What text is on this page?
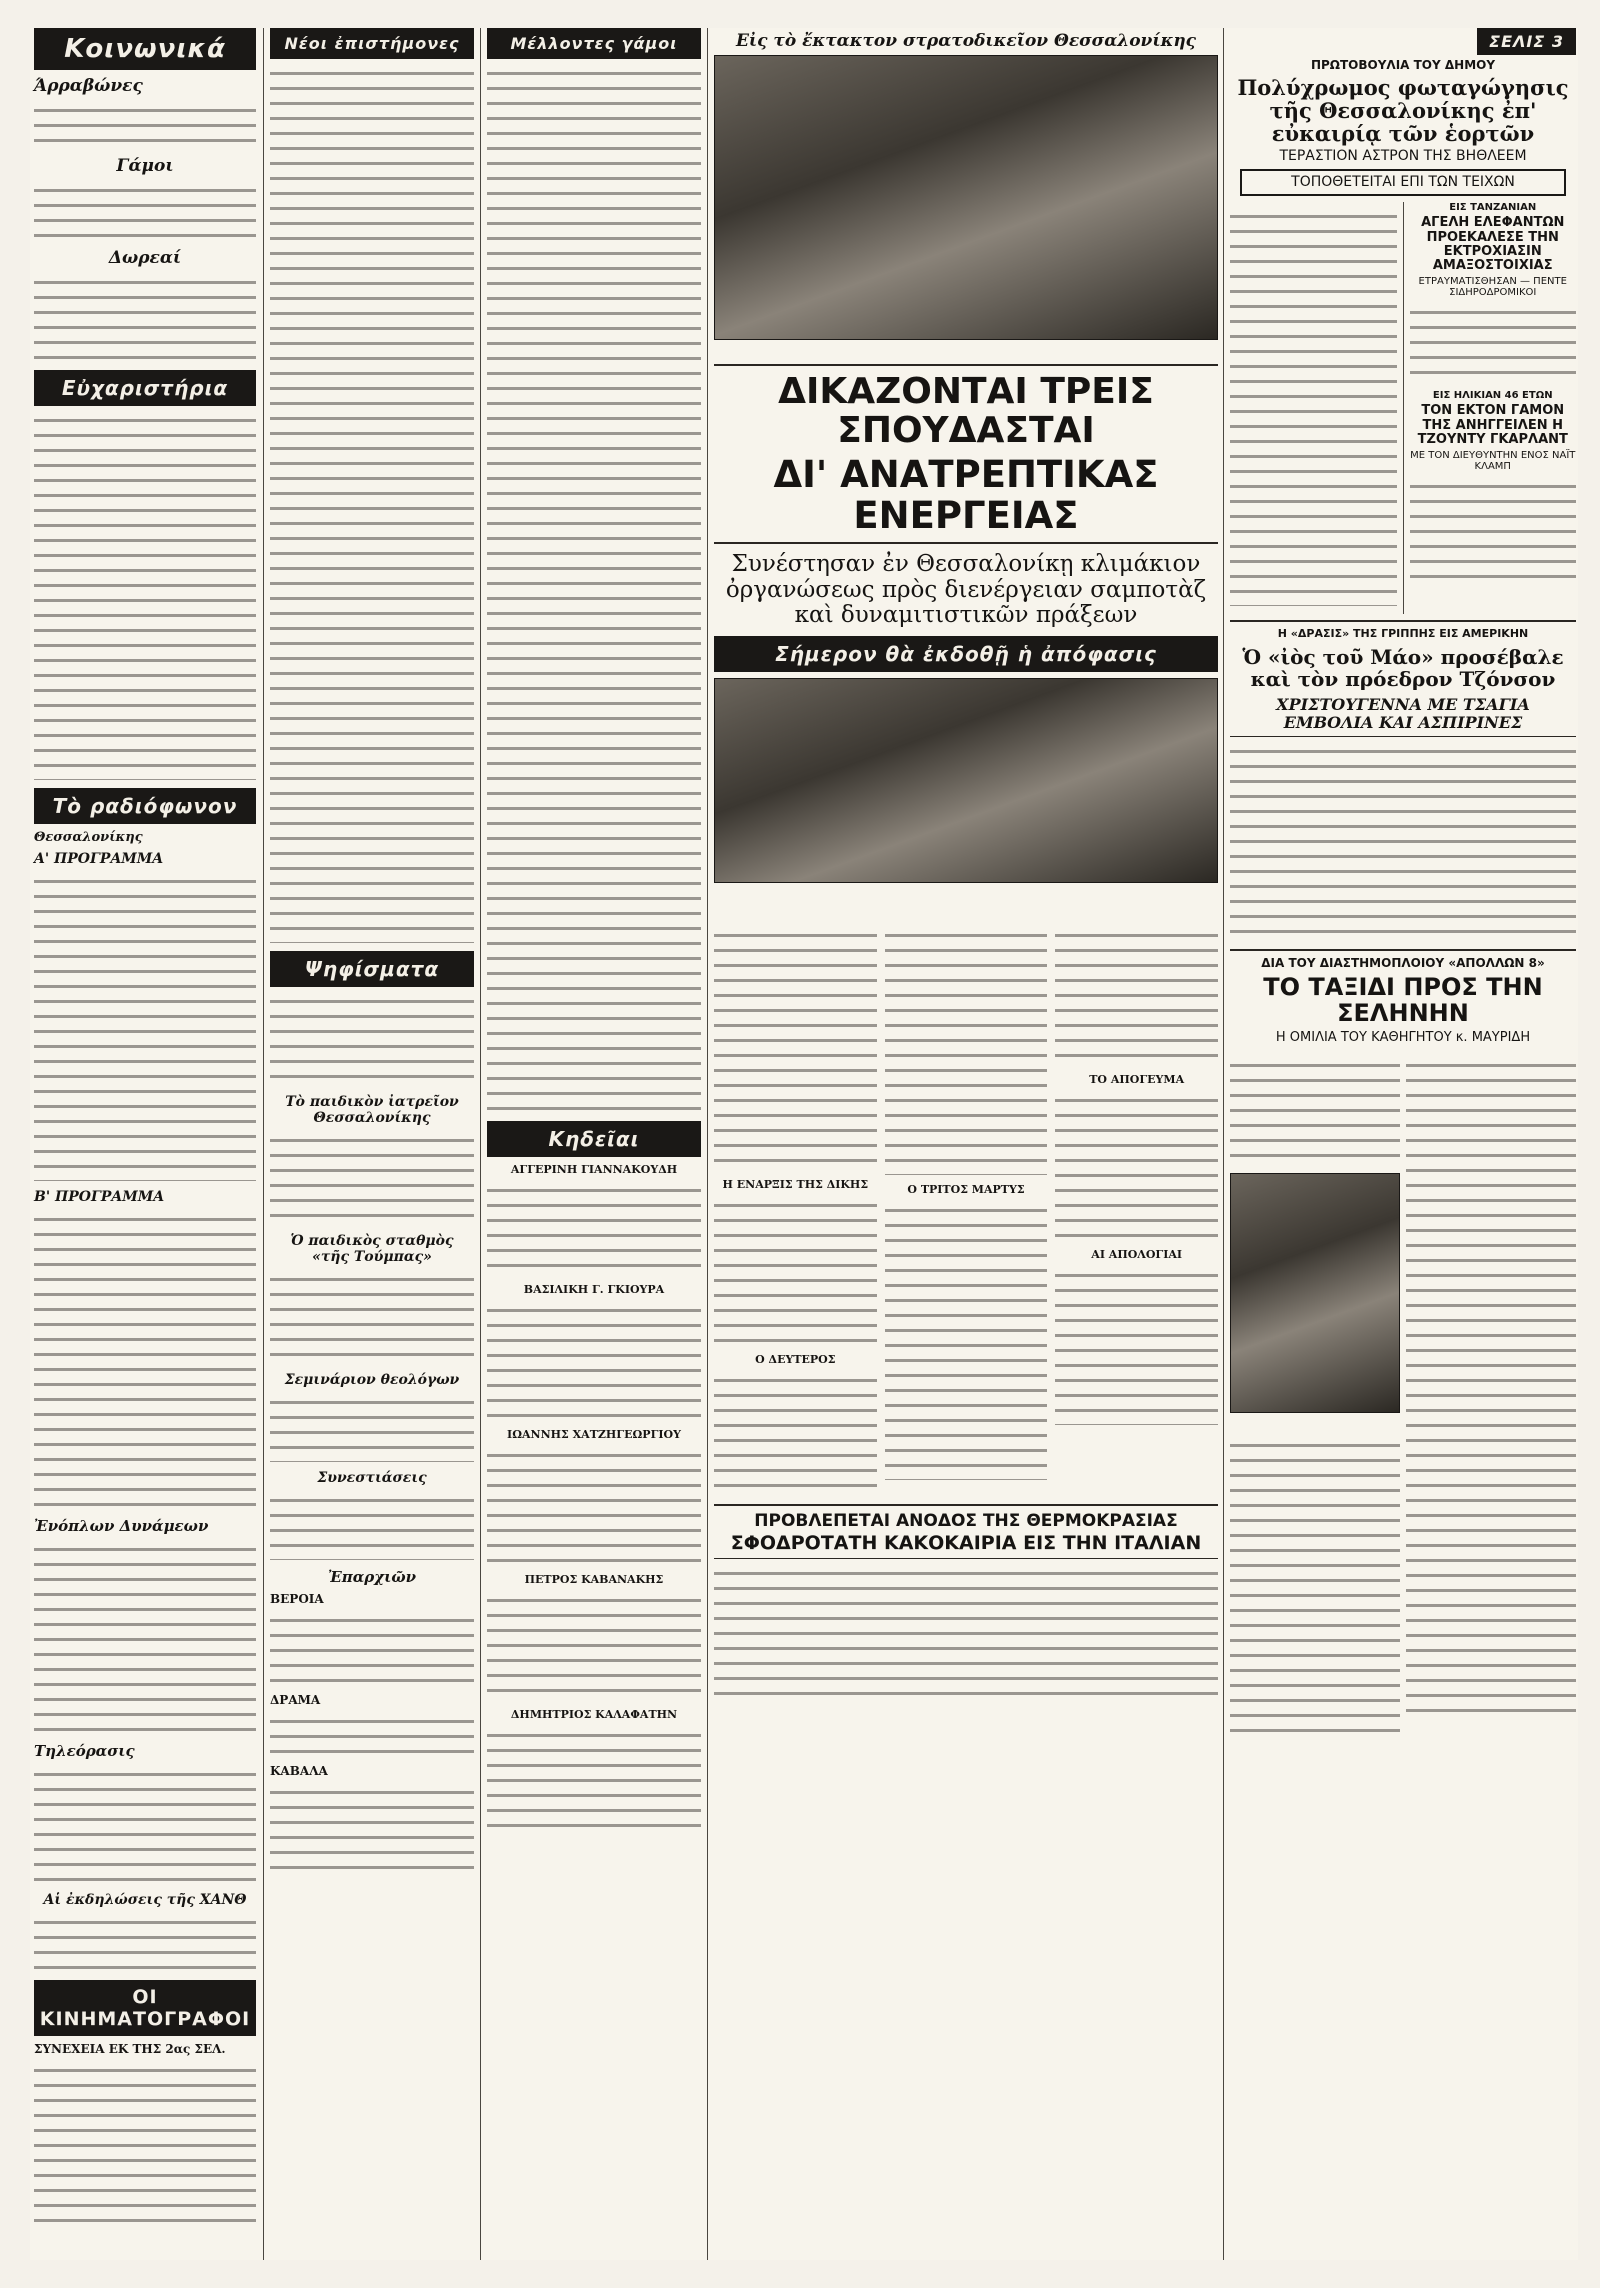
Κοινωνικά
Άρραβώνες
Γάμοι
Δωρεαί
Εὐχαριστήρια
Τὸ ραδιόφωνον
Θεσσαλονίκης
Α' ΠΡΟΓΡΑΜΜΑ
Β' ΠΡΟΓΡΑΜΜΑ
Ἐνόπλων Δυνάμεων
Τηλεόρασις
Αἱ ἐκδηλώσεις τῆς ΧΑΝΘ
ΟΙ ΚΙΝΗΜΑΤΟΓΡΑΦΟΙ
ΣΥΝΕΧΕΙΑ ΕΚ ΤΗΣ 2ας ΣΕΛ.
Νέοι ἐπιστήμονες
Ψηφίσματα
Τὸ παιδικὸν ἰατρεῖον Θεσσαλονίκης
Ὁ παιδικὸς σταθμὸς «τῆς Τούμπας»
Σεμινάριον θεολόγων
Συνεστιάσεις
Ἐπαρχιῶν
ΒΕΡΟΙΑ
ΔΡΑΜΑ
ΚΑΒΑΛΑ
Μέλλοντες γάμοι
Κηδεῖαι
ΑΓΓΕΡΙΝΗ ΓΙΑΝΝΑΚΟΥΔΗ
ΒΑΣΙΛΙΚΗ Γ. ΓΚΙΟΥΡΑ
ΙΩΑΝΝΗΣ ΧΑΤΖΗΓΕΩΡΓΙΟΥ
ΠΕΤΡΟΣ ΚΑΒΑΝΑΚΗΣ
ΔΗΜΗΤΡΙΟΣ ΚΑΛΑΦΑΤΗΝ
Εἰς τὸ ἔκτακτον στρατοδικεῖον Θεσσαλονίκης
ΔΙΚΑΖΟΝΤΑΙ ΤΡΕΙΣ ΣΠΟΥΔΑΣΤΑΙ
ΔΙ' ΑΝΑΤΡΕΠΤΙΚΑΣ ΕΝΕΡΓΕΙΑΣ
Συνέστησαν ἐν Θεσσαλονίκῃ κλιμάκιον ὀργανώσεως πρὸς διενέργειαν σαμποτὰζ καὶ δυναμιτιστικῶν πράξεων
Σήμερον θὰ ἐκδοθῇ ἡ ἀπόφασις
Η ΕΝΑΡΞΙΣ ΤΗΣ ΔΙΚΗΣ
Ο ΔΕΥΤΕΡΟΣ
Ο ΤΡΙΤΟΣ ΜΑΡΤΥΣ
ΤΟ ΑΠΟΓΕΥΜΑ
ΑΙ ΑΠΟΛΟΓΙΑΙ
ΠΡΟΒΛΕΠΕΤΑΙ ΑΝΟΔΟΣ ΤΗΣ ΘΕΡΜΟΚΡΑΣΙΑΣ
ΣΦΟΔΡΟΤΑΤΗ ΚΑΚΟΚΑΙΡΙΑ ΕΙΣ ΤΗΝ ΙΤΑΛΙΑΝ
ΣΕΛΙΣ 3
ΠΡΩΤΟΒΟΥΛΙΑ ΤΟΥ ΔΗΜΟΥ
Πολύχρωμος φωταγώγησις τῆς Θεσσαλονίκης ἐπ' εὐκαιρίᾳ τῶν ἑορτῶν
ΤΕΡΑΣΤΙΟΝ ΑΣΤΡΟΝ ΤΗΣ ΒΗΘΛΕΕΜ
ΤΟΠΟΘΕΤΕΙΤΑΙ ΕΠΙ ΤΩΝ ΤΕΙΧΩΝ
ΕΙΣ ΤΑΝΖΑΝΙΑΝ
ΑΓΕΛΗ ΕΛΕΦΑΝΤΩΝ ΠΡΟΕΚΑΛΕΣΕ ΤΗΝ ΕΚΤΡΟΧΙΑΣΙΝ ΑΜΑΞΟΣΤΟΙΧΙΑΣ
ΕΤΡΑΥΜΑΤΙΣΘΗΣΑΝ — ΠΕΝΤΕ ΣΙΔΗΡΟΔΡΟΜΙΚΟΙ
ΕΙΣ ΗΛΙΚΙΑΝ 46 ΕΤΩΝ
ΤΟΝ ΕΚΤΟΝ ΓΑΜΟΝ ΤΗΣ ΑΝΗΓΓΕΙΛΕΝ Η ΤΖΟΥΝΤΥ ΓΚΑΡΛΑΝΤ
ΜΕ ΤΟΝ ΔΙΕΥΘΥΝΤΗΝ ΕΝΟΣ ΝΑΪΤ ΚΛΑΜΠ
Η «ΔΡΑΣΙΣ» ΤΗΣ ΓΡΙΠΠΗΣ ΕΙΣ ΑΜΕΡΙΚΗΝ
Ὁ «ἰὸς τοῦ Μάο» προσέβαλε καὶ τὸν πρόεδρον Τζόνσον
ΧΡΙΣΤΟΥΓΕΝΝΑ ΜΕ ΤΣΑΓΙΑ
ΕΜΒΟΛΙΑ ΚΑΙ ΑΣΠΙΡΙΝΕΣ
ΔΙΑ ΤΟΥ ΔΙΑΣΤΗΜΟΠΛΟΙΟΥ «ΑΠΟΛΛΩΝ 8»
ΤΟ ΤΑΞΙΔΙ ΠΡΟΣ ΤΗΝ ΣΕΛΗΝΗΝ
Η ΟΜΙΛΙΑ ΤΟΥ ΚΑΘΗΓΗΤΟΥ κ. ΜΑΥΡΙΔΗ
